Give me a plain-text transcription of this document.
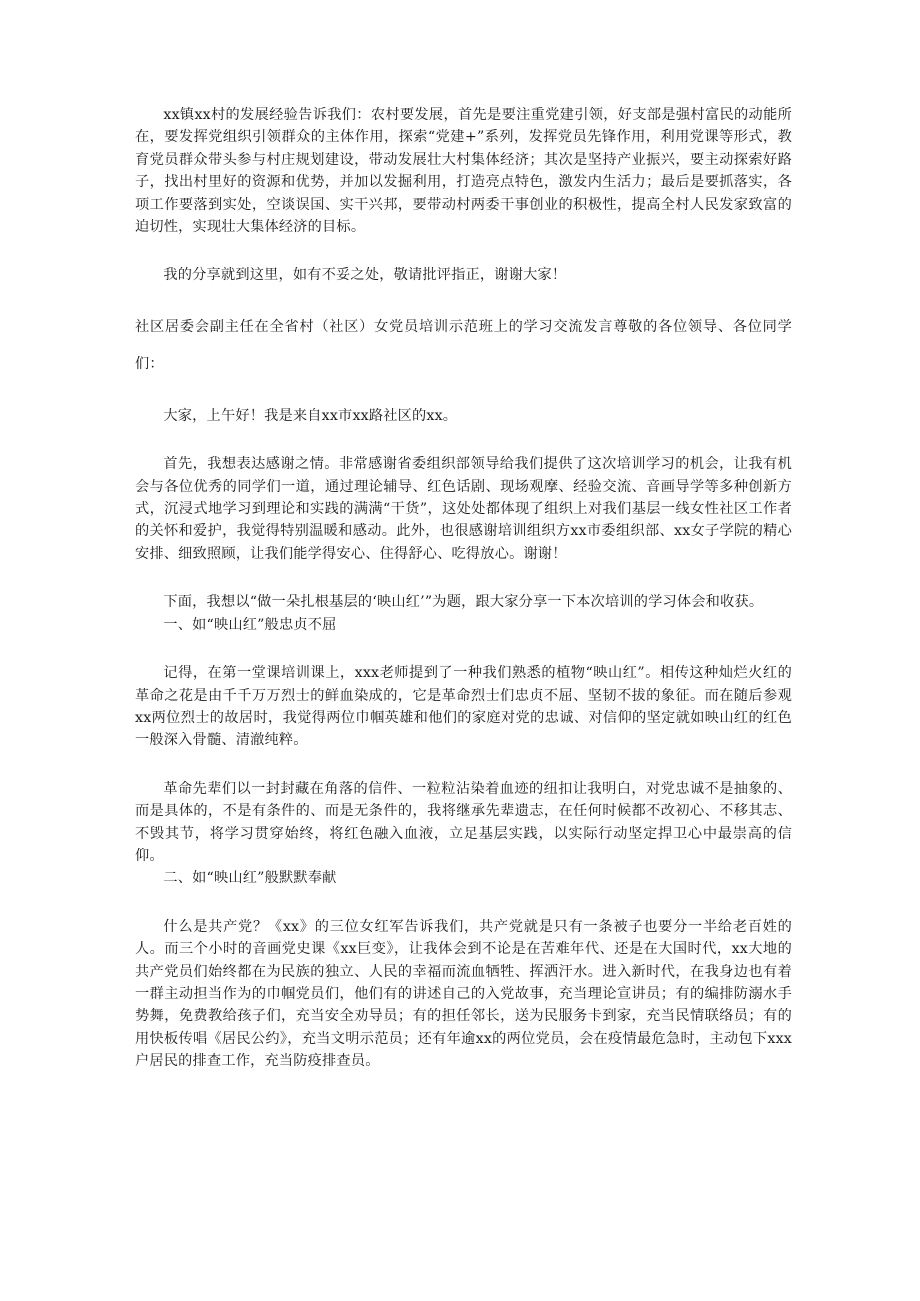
xx镇xx村的发展经验告诉我们：农村要发展，首先是要注重党建引领，好支部是强村富民的动能所在，要发挥党组织引领群众的主体作用，探索“党建+”系列，发挥党员先锋作用，利用党课等形式，教育党员群众带头参与村庄规划建设，带动发展壮大村集体经济；其次是坚持产业振兴，要主动探索好路子，找出村里好的资源和优势，并加以发掘利用，打造亮点特色，激发内生活力；最后是要抓落实，各项工作要落到实处，空谈误国、实干兴邦，要带动村两委干事创业的积极性，提高全村人民发家致富的迫切性，实现壮大集体经济的目标。

我的分享就到这里，如有不妥之处，敬请批评指正，谢谢大家！

社区居委会副主任在全省村（社区）女党员培训示范班上的学习交流发言尊敬的各位领导、各位同学们：

大家，上午好！我是来自xx市xx路社区的xx。

首先，我想表达感谢之情。非常感谢省委组织部领导给我们提供了这次培训学习的机会，让我有机会与各位优秀的同学们一道，通过理论辅导、红色话剧、现场观摩、经验交流、音画导学等多种创新方式，沉浸式地学习到理论和实践的满满“干货”，这处处都体现了组织上对我们基层一线女性社区工作者的关怀和爱护，我觉得特别温暖和感动。此外，也很感谢培训组织方xx市委组织部、xx女子学院的精心安排、细致照顾，让我们能学得安心、住得舒心、吃得放心。谢谢！

下面，我想以“做一朵扎根基层的‘映山红’”为题，跟大家分享一下本次培训的学习体会和收获。

一、如“映山红”般忠贞不屈

记得，在第一堂课培训课上，xxx老师提到了一种我们熟悉的植物“映山红”。相传这种灿烂火红的革命之花是由千千万万烈士的鲜血染成的，它是革命烈士们忠贞不屈、坚韧不拔的象征。而在随后参观xx两位烈士的故居时，我觉得两位巾帼英雄和他们的家庭对党的忠诚、对信仰的坚定就如映山红的红色一般深入骨髓、清澈纯粹。

革命先辈们以一封封藏在角落的信件、一粒粒沾染着血迹的纽扣让我明白，对党忠诚不是抽象的、而是具体的，不是有条件的、而是无条件的，我将继承先辈遗志，在任何时候都不改初心、不移其志、不毁其节，将学习贯穿始终，将红色融入血液，立足基层实践，以实际行动坚定捍卫心中最崇高的信仰。

二、如“映山红”般默默奉献

什么是共产党？《xx》的三位女红军告诉我们，共产党就是只有一条被子也要分一半给老百姓的人。而三个小时的音画党史课《xx巨变》，让我体会到不论是在苦难年代、还是在大国时代，xx大地的共产党员们始终都在为民族的独立、人民的幸福而流血牺牲、挥洒汗水。进入新时代，在我身边也有着一群主动担当作为的巾帼党员们，他们有的讲述自己的入党故事，充当理论宣讲员；有的编排防溺水手势舞，免费教给孩子们，充当安全劝导员；有的担任邻长，送为民服务卡到家，充当民情联络员；有的用快板传唱《居民公约》，充当文明示范员；还有年逾xx的两位党员，会在疫情最危急时，主动包下xxx户居民的排查工作，充当防疫排查员。
